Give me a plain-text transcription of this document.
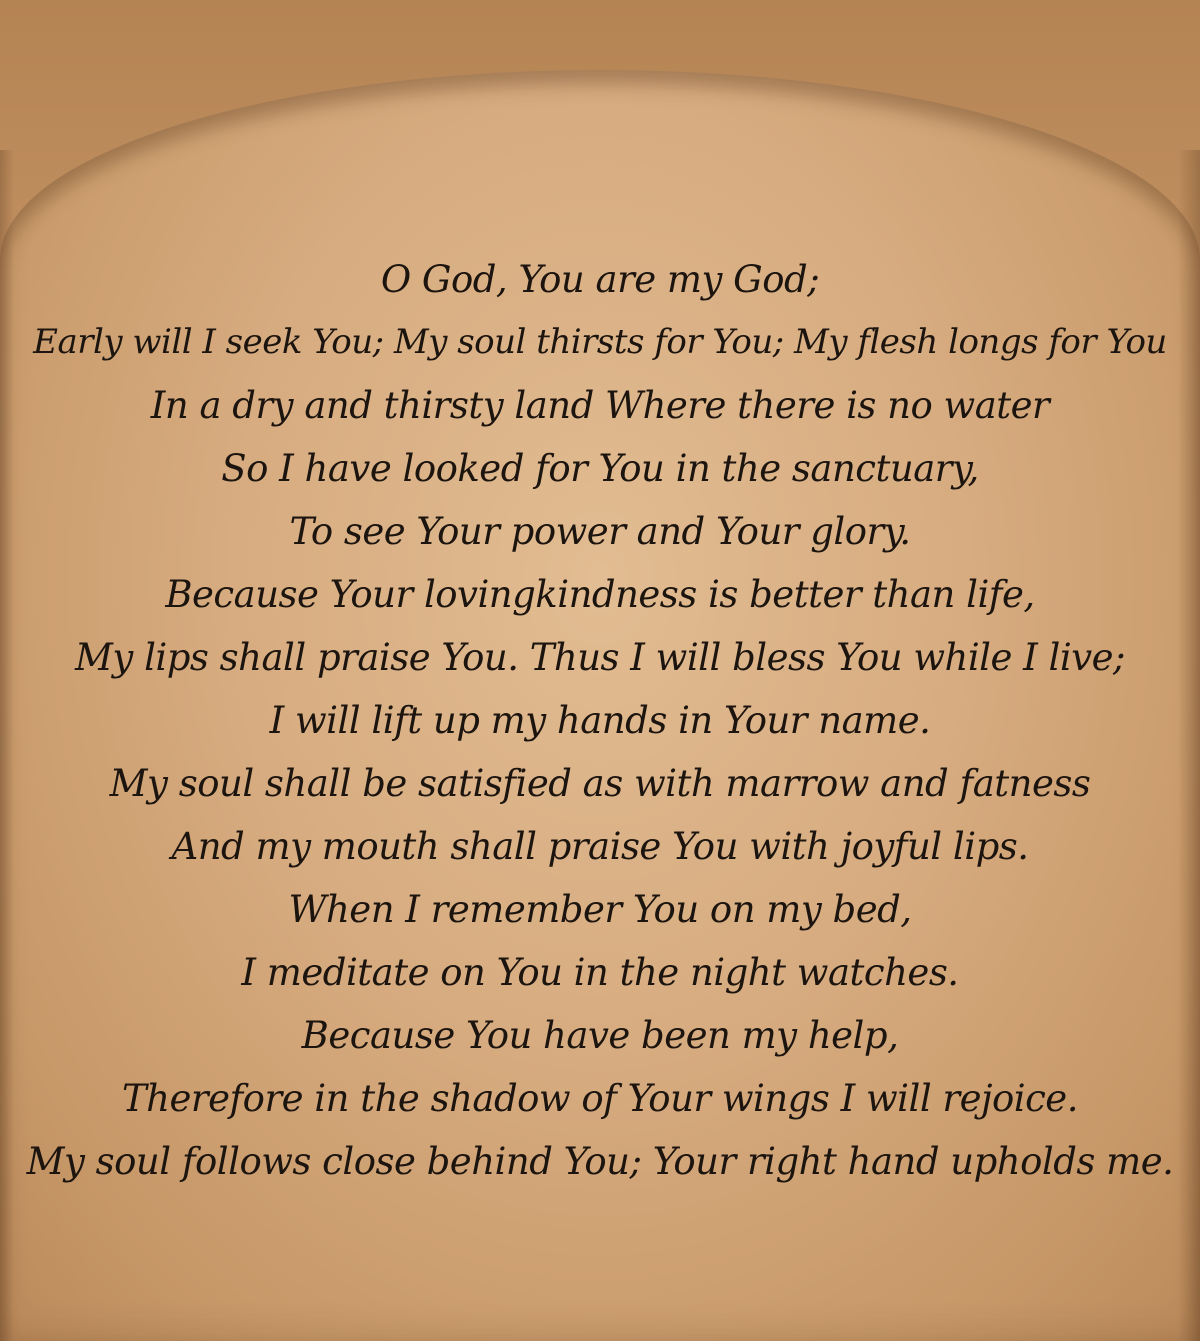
O God, You are my God;
Early will I seek You; My soul thirsts for You; My flesh longs for You
In a dry and thirsty land Where there is no water
So I have looked for You in the sanctuary,
To see Your power and Your glory.
Because Your lovingkindness is better than life,
My lips shall praise You. Thus I will bless You while I live;
I will lift up my hands in Your name.
My soul shall be satisfied as with marrow and fatness
And my mouth shall praise You with joyful lips.
When I remember You on my bed,
I meditate on You in the night watches.
Because You have been my help,
Therefore in the shadow of Your wings I will rejoice.
My soul follows close behind You; Your right hand upholds me.
